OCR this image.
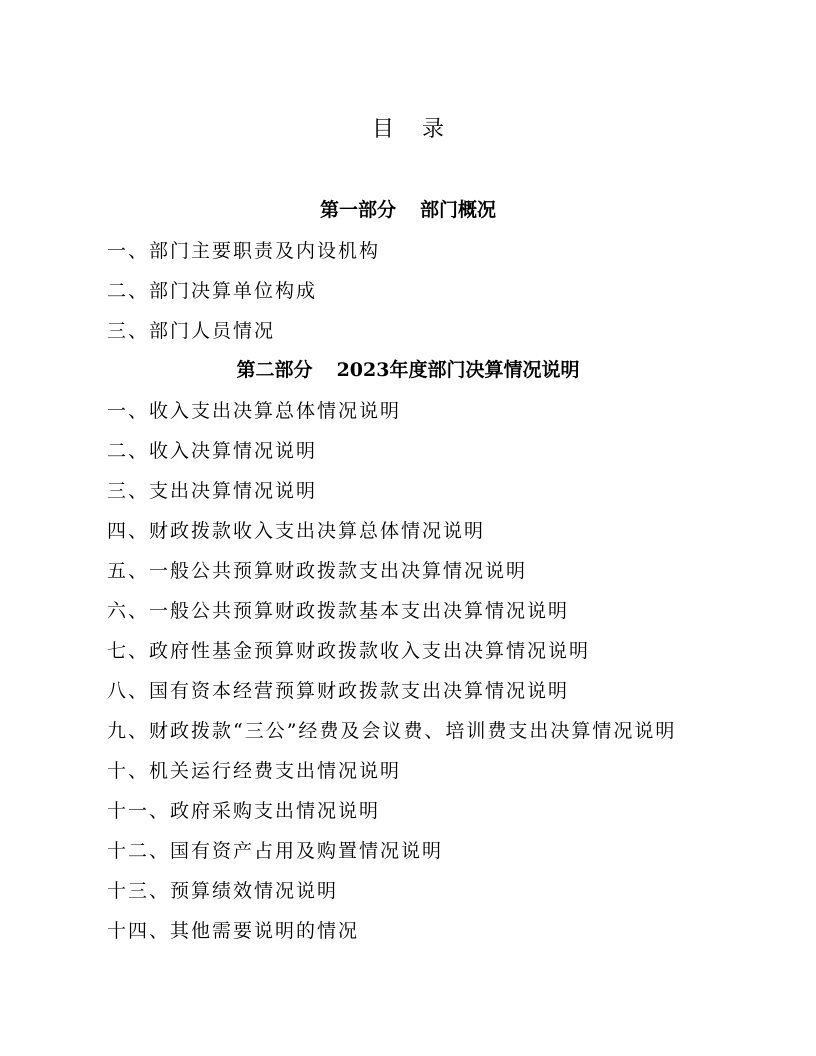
目 录
第一部分 部门概况
一、部门主要职责及内设机构
二、部门决算单位构成
三、部门人员情况
第二部分 2023年度部门决算情况说明
一、收入支出决算总体情况说明
二、收入决算情况说明
三、支出决算情况说明
四、财政拨款收入支出决算总体情况说明
五、一般公共预算财政拨款支出决算情况说明
六、一般公共预算财政拨款基本支出决算情况说明
七、政府性基金预算财政拨款收入支出决算情况说明
八、国有资本经营预算财政拨款支出决算情况说明
九、财政拨款“三公”经费及会议费、培训费支出决算情况说明
十、机关运行经费支出情况说明
十一、政府采购支出情况说明
十二、国有资产占用及购置情况说明
十三、预算绩效情况说明
十四、其他需要说明的情况
